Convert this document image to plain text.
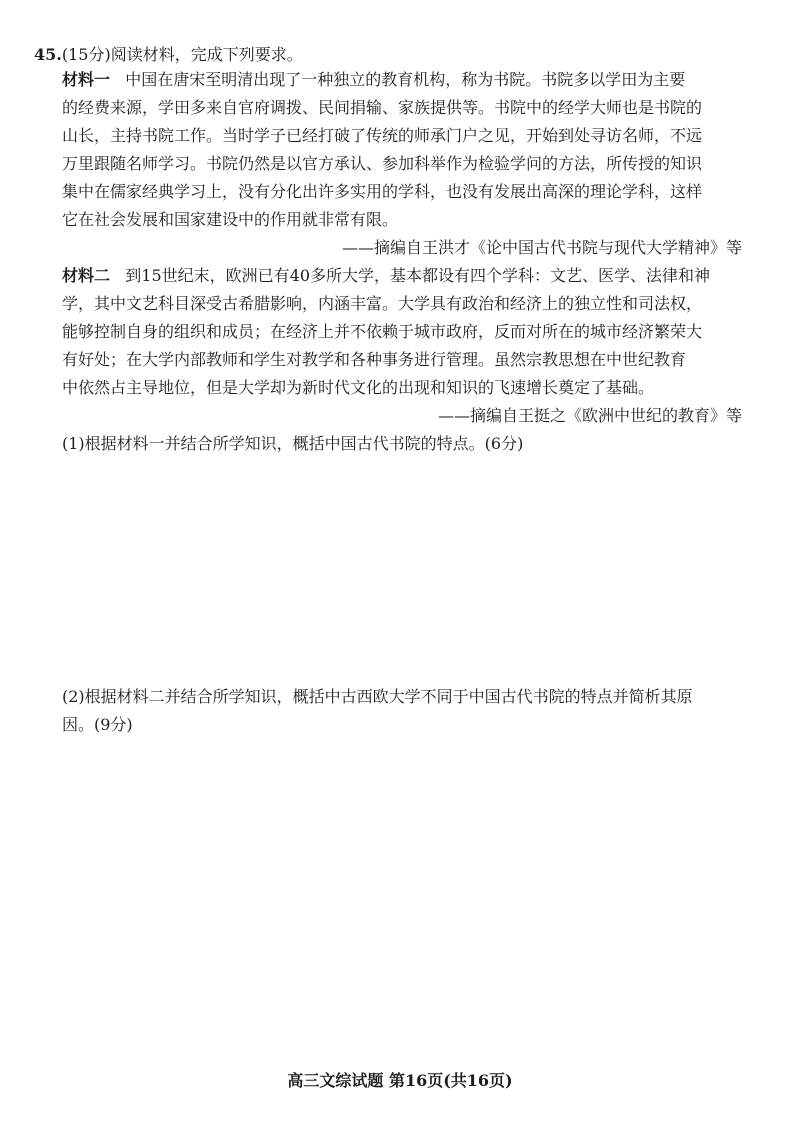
45.(15分)阅读材料，完成下列要求。
材料一 中国在唐宋至明清出现了一种独立的教育机构，称为书院。书院多以学田为主要
的经费来源，学田多来自官府调拨、民间捐输、家族提供等。书院中的经学大师也是书院的
山长，主持书院工作。当时学子已经打破了传统的师承门户之见，开始到处寻访名师，不远
万里跟随名师学习。书院仍然是以官方承认、参加科举作为检验学问的方法，所传授的知识
集中在儒家经典学习上，没有分化出许多实用的学科，也没有发展出高深的理论学科，这样
它在社会发展和国家建设中的作用就非常有限。
——摘编自王洪才《论中国古代书院与现代大学精神》等
材料二 到15世纪末，欧洲已有40多所大学，基本都设有四个学科：文艺、医学、法律和神
学，其中文艺科目深受古希腊影响，内涵丰富。大学具有政治和经济上的独立性和司法权，
能够控制自身的组织和成员；在经济上并不依赖于城市政府，反而对所在的城市经济繁荣大
有好处；在大学内部教师和学生对教学和各种事务进行管理。虽然宗教思想在中世纪教育
中依然占主导地位，但是大学却为新时代文化的出现和知识的飞速增长奠定了基础。
——摘编自王挺之《欧洲中世纪的教育》等
(1)根据材料一并结合所学知识，概括中国古代书院的特点。(6分)
(2)根据材料二并结合所学知识，概括中古西欧大学不同于中国古代书院的特点并简析其原
因。(9分)
高三文综试题 第16页(共16页)
